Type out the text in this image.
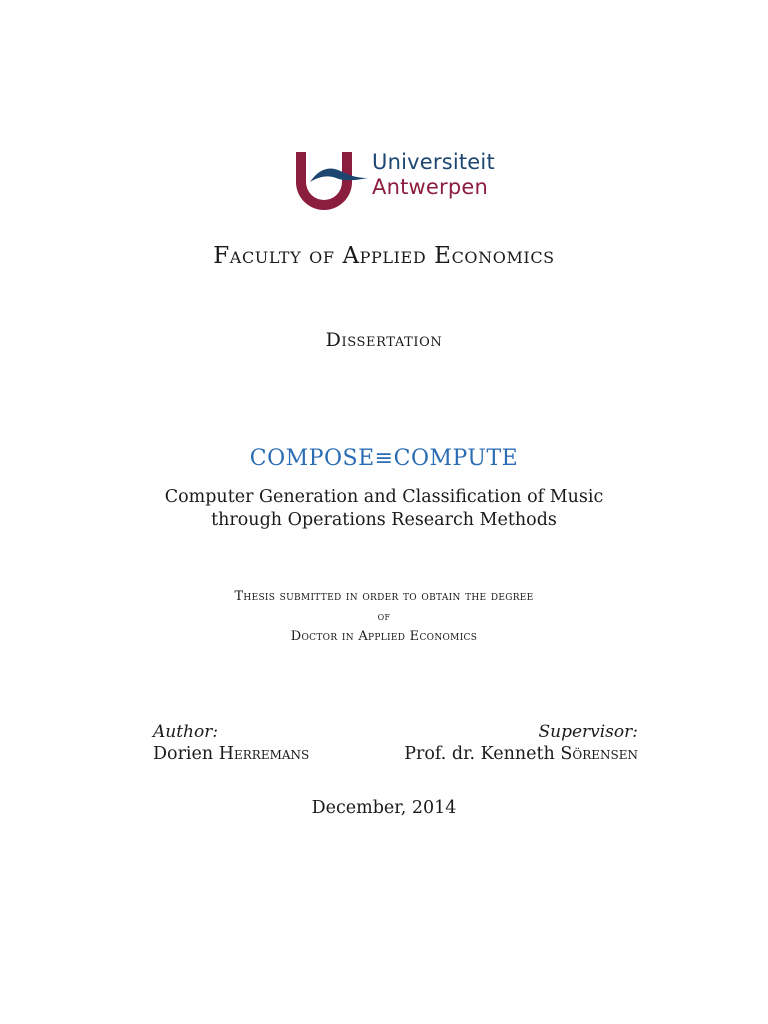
Universiteit
Antwerpen
Faculty of Applied Economics
Dissertation
COMPOSE≡COMPUTE
Computer Generation and Classification of Music
through Operations Research Methods
Thesis submitted in order to obtain the degree
of
Doctor in Applied Economics
Author:
Dorien Herremans
Supervisor:
Prof. dr. Kenneth Sörensen
December, 2014
